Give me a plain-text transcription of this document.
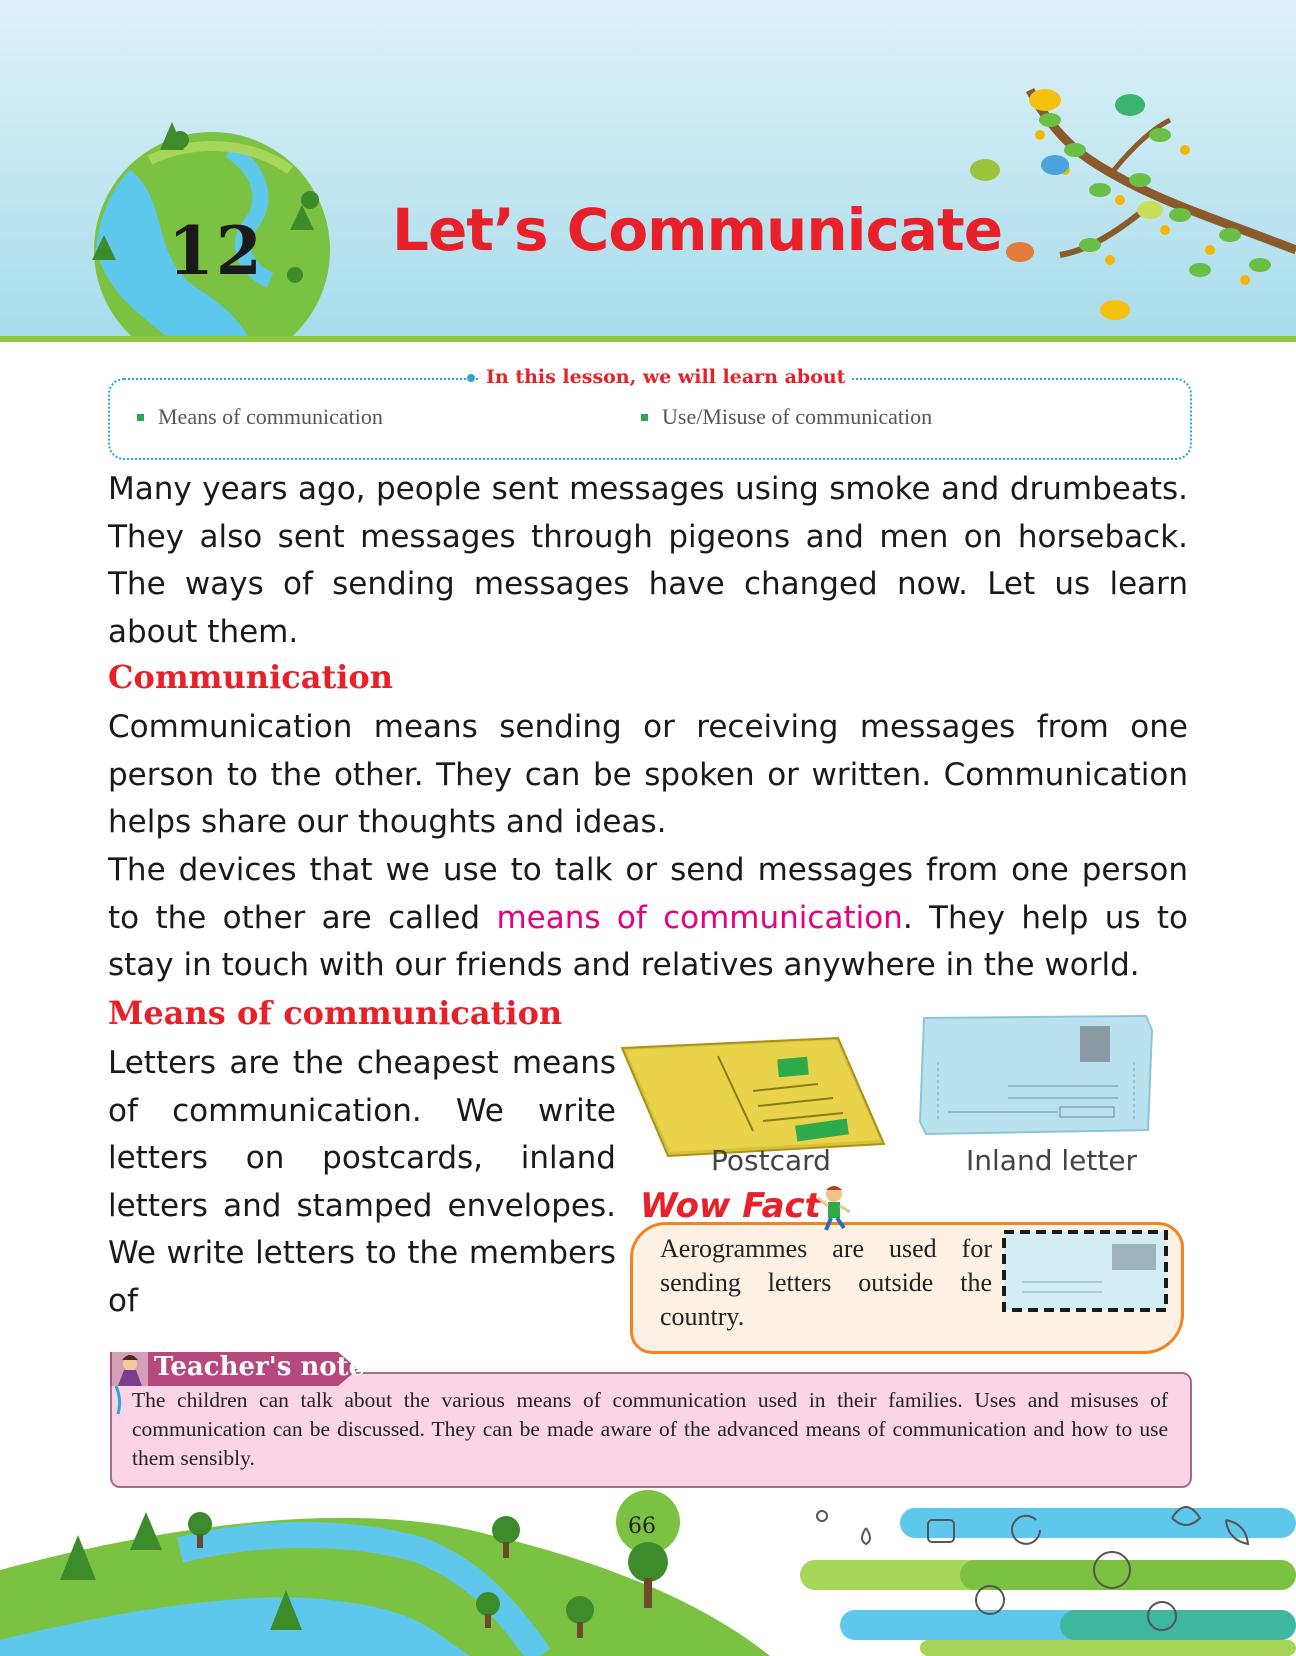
12 Let’s Communicate
In this lesson, we will learn about
Means of communication	Use/Misuse of communication
Many years ago, people sent messages using smoke and drumbeats. They also sent messages through pigeons and men on horseback. The ways of sending messages have changed now. Let us learn about them.
Communication
Communication means sending or receiving messages from one person to the other. They can be spoken or written. Communication helps share our thoughts and ideas.
The devices that we use to talk or send messages from one person to the other are called means of communication. They help us to stay in touch with our friends and relatives anywhere in the world.
Means of communication
Letters are the cheapest means of communication. We write letters on postcards, inland letters and stamped envelopes. We write letters to the members of
Postcard	Inland letter
Wow Fact
Aerogrammes are used for sending letters outside the country.
Teacher's note
The children can talk about the various means of communication used in their families. Uses and misuses of communication can be discussed. They can be made aware of the advanced means of communication and how to use them sensibly.
66
